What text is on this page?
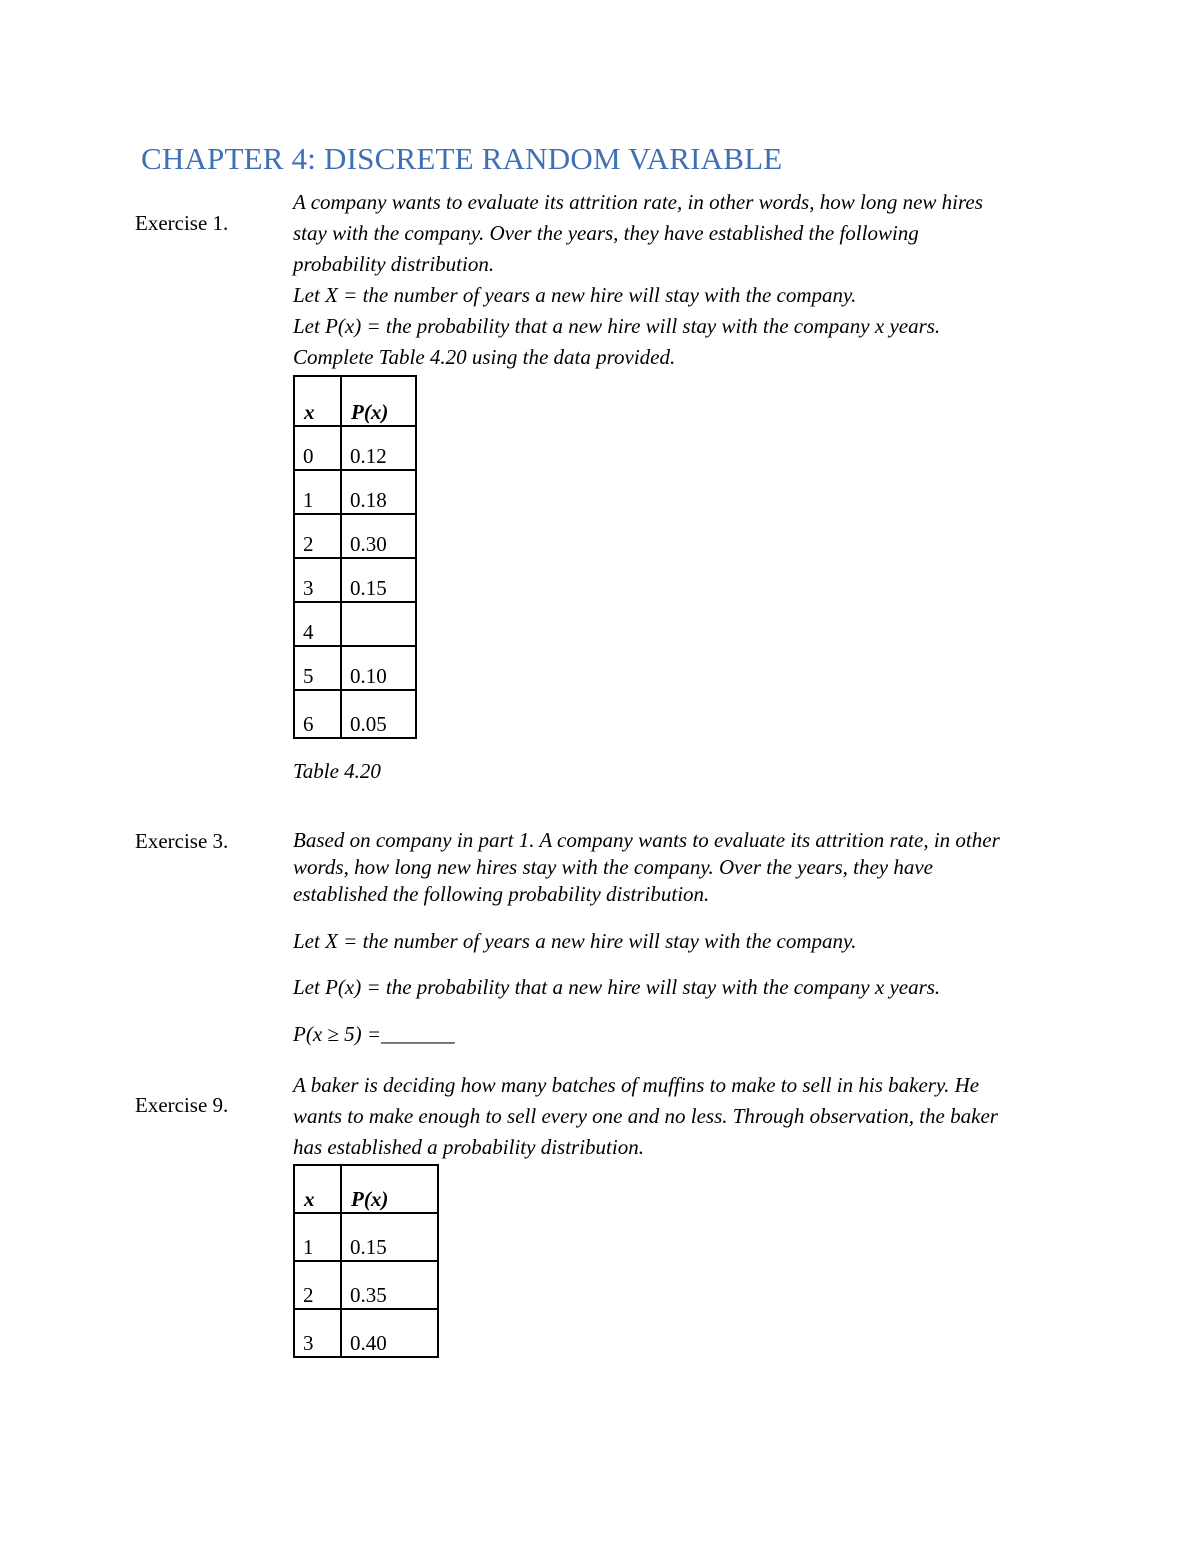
CHAPTER 4: DISCRETE RANDOM VARIABLE
Exercise 1.

A company wants to evaluate its attrition rate, in other words, how long new hires

stay with the company. Over the years, they have established the following

probability distribution.

Let X = the number of years a new hire will stay with the company.

Let P(x) = the probability that a new hire will stay with the company x years.

Complete Table 4.20 using the data provided.

x	P(x)
0	0.12
1	0.18
2	0.30
3	0.15
4	
5	0.10
6	0.05
Table 4.20
Exercise 3.	Based on company in part 1. A company wants to evaluate its attrition rate, in other

words, how long new hires stay with the company. Over the years, they have

established the following probability distribution.

Let X = the number of years a new hire will stay with the company.
Let P(x) = the probability that a new hire will stay with the company x years.
P(x ≥ 5) =_______
Exercise 9.

A baker is deciding how many batches of muffins to make to sell in his bakery. He

wants to make enough to sell every one and no less. Through observation, the baker

has established a probability distribution.

x	P(x)
1	0.15
2	0.35
3	0.40
